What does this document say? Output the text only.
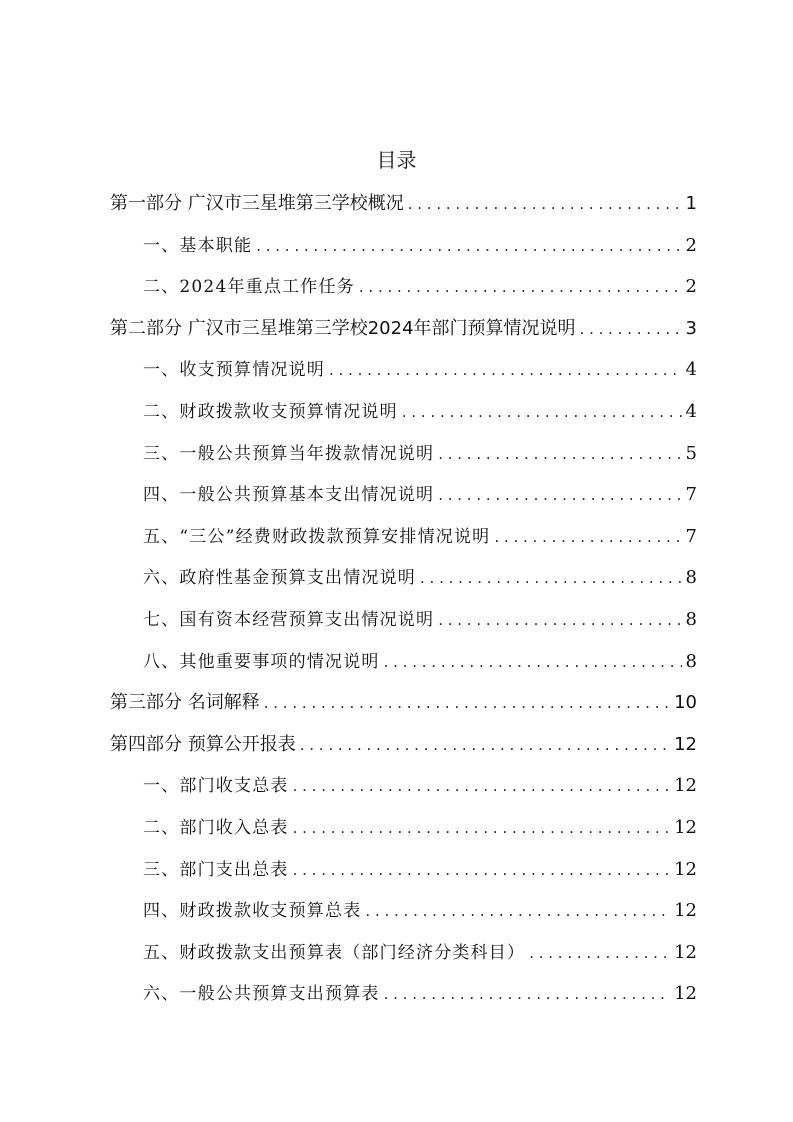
目录
第一部分 广汉市三星堆第三学校概况 . . .	1
一、基本职能 . . .	2
二、2024年重点工作任务 . . .	2
第二部分 广汉市三星堆第三学校2024年部门预算情况说明 . . .	3
一、收支预算情况说明 . . .	4
二、财政拨款收支预算情况说明 . . .	4
三、一般公共预算当年拨款情况说明 . . .	5
四、一般公共预算基本支出情况说明 . . .	7
五、“三公”经费财政拨款预算安排情况说明 . . .	7
六、政府性基金预算支出情况说明 . . .	8
七、国有资本经营预算支出情况说明 . . .	8
八、其他重要事项的情况说明 . . .	8
第三部分 名词解释 . . .	10
第四部分 预算公开报表 . . .	12
一、部门收支总表 . . .	12
二、部门收入总表 . . .	12
三、部门支出总表 . . .	12
四、财政拨款收支预算总表 . . .	12
五、财政拨款支出预算表（部门经济分类科目） . . .	12
六、一般公共预算支出预算表 . . .	12
